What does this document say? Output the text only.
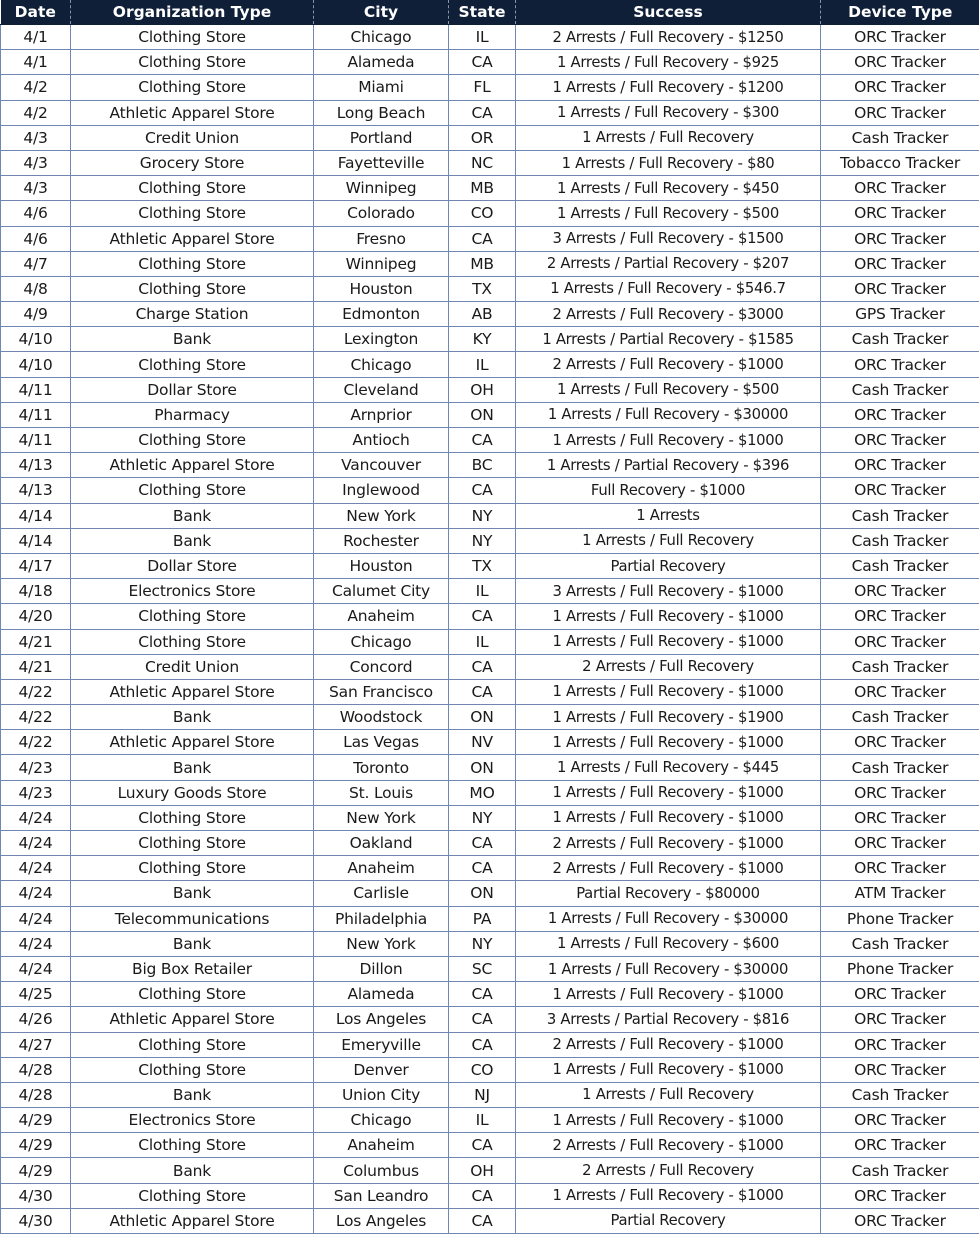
Date	Organization Type	City	State	Success	Device Type
4/1	Clothing Store	Chicago	IL	2 Arrests / Full Recovery - $1250	ORC Tracker
4/1	Clothing Store	Alameda	CA	1 Arrests / Full Recovery - $925	ORC Tracker
4/2	Clothing Store	Miami	FL	1 Arrests / Full Recovery - $1200	ORC Tracker
4/2	Athletic Apparel Store	Long Beach	CA	1 Arrests / Full Recovery - $300	ORC Tracker
4/3	Credit Union	Portland	OR	1 Arrests / Full Recovery	Cash Tracker
4/3	Grocery Store	Fayetteville	NC	1 Arrests / Full Recovery - $80	Tobacco Tracker
4/3	Clothing Store	Winnipeg	MB	1 Arrests / Full Recovery - $450	ORC Tracker
4/6	Clothing Store	Colorado	CO	1 Arrests / Full Recovery - $500	ORC Tracker
4/6	Athletic Apparel Store	Fresno	CA	3 Arrests / Full Recovery - $1500	ORC Tracker
4/7	Clothing Store	Winnipeg	MB	2 Arrests / Partial Recovery - $207	ORC Tracker
4/8	Clothing Store	Houston	TX	1 Arrests / Full Recovery - $546.7	ORC Tracker
4/9	Charge Station	Edmonton	AB	2 Arrests / Full Recovery - $3000	GPS Tracker
4/10	Bank	Lexington	KY	1 Arrests / Partial Recovery - $1585	Cash Tracker
4/10	Clothing Store	Chicago	IL	2 Arrests / Full Recovery - $1000	ORC Tracker
4/11	Dollar Store	Cleveland	OH	1 Arrests / Full Recovery - $500	Cash Tracker
4/11	Pharmacy	Arnprior	ON	1 Arrests / Full Recovery - $30000	ORC Tracker
4/11	Clothing Store	Antioch	CA	1 Arrests / Full Recovery - $1000	ORC Tracker
4/13	Athletic Apparel Store	Vancouver	BC	1 Arrests / Partial Recovery - $396	ORC Tracker
4/13	Clothing Store	Inglewood	CA	Full Recovery - $1000	ORC Tracker
4/14	Bank	New York	NY	1 Arrests	Cash Tracker
4/14	Bank	Rochester	NY	1 Arrests / Full Recovery	Cash Tracker
4/17	Dollar Store	Houston	TX	Partial Recovery	Cash Tracker
4/18	Electronics Store	Calumet City	IL	3 Arrests / Full Recovery - $1000	ORC Tracker
4/20	Clothing Store	Anaheim	CA	1 Arrests / Full Recovery - $1000	ORC Tracker
4/21	Clothing Store	Chicago	IL	1 Arrests / Full Recovery - $1000	ORC Tracker
4/21	Credit Union	Concord	CA	2 Arrests / Full Recovery	Cash Tracker
4/22	Athletic Apparel Store	San Francisco	CA	1 Arrests / Full Recovery - $1000	ORC Tracker
4/22	Bank	Woodstock	ON	1 Arrests / Full Recovery - $1900	Cash Tracker
4/22	Athletic Apparel Store	Las Vegas	NV	1 Arrests / Full Recovery - $1000	ORC Tracker
4/23	Bank	Toronto	ON	1 Arrests / Full Recovery - $445	Cash Tracker
4/23	Luxury Goods Store	St. Louis	MO	1 Arrests / Full Recovery - $1000	ORC Tracker
4/24	Clothing Store	New York	NY	1 Arrests / Full Recovery - $1000	ORC Tracker
4/24	Clothing Store	Oakland	CA	2 Arrests / Full Recovery - $1000	ORC Tracker
4/24	Clothing Store	Anaheim	CA	2 Arrests / Full Recovery - $1000	ORC Tracker
4/24	Bank	Carlisle	ON	Partial Recovery - $80000	ATM Tracker
4/24	Telecommunications	Philadelphia	PA	1 Arrests / Full Recovery - $30000	Phone Tracker
4/24	Bank	New York	NY	1 Arrests / Full Recovery - $600	Cash Tracker
4/24	Big Box Retailer	Dillon	SC	1 Arrests / Full Recovery - $30000	Phone Tracker
4/25	Clothing Store	Alameda	CA	1 Arrests / Full Recovery - $1000	ORC Tracker
4/26	Athletic Apparel Store	Los Angeles	CA	3 Arrests / Partial Recovery - $816	ORC Tracker
4/27	Clothing Store	Emeryville	CA	2 Arrests / Full Recovery - $1000	ORC Tracker
4/28	Clothing Store	Denver	CO	1 Arrests / Full Recovery - $1000	ORC Tracker
4/28	Bank	Union City	NJ	1 Arrests / Full Recovery	Cash Tracker
4/29	Electronics Store	Chicago	IL	1 Arrests / Full Recovery - $1000	ORC Tracker
4/29	Clothing Store	Anaheim	CA	2 Arrests / Full Recovery - $1000	ORC Tracker
4/29	Bank	Columbus	OH	2 Arrests / Full Recovery	Cash Tracker
4/30	Clothing Store	San Leandro	CA	1 Arrests / Full Recovery - $1000	ORC Tracker
4/30	Athletic Apparel Store	Los Angeles	CA	Partial Recovery	ORC Tracker
